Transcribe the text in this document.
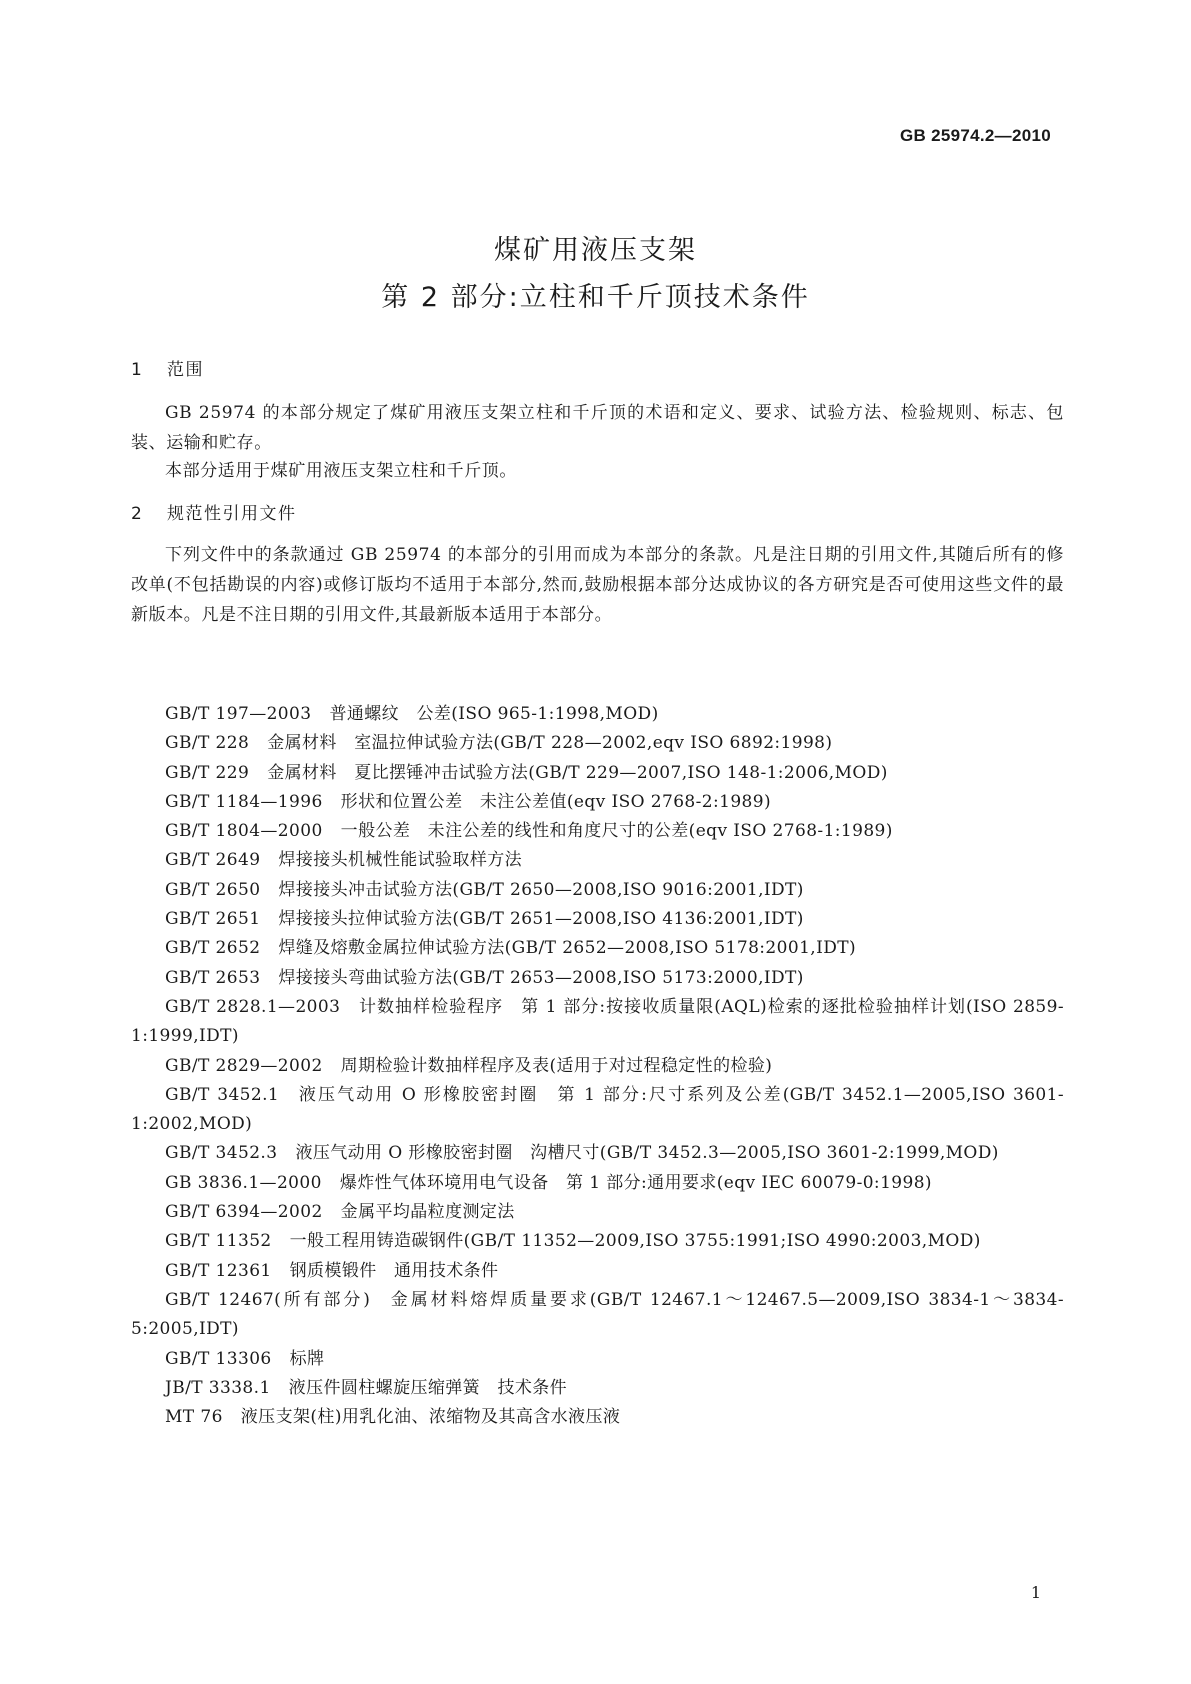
GB 25974.2—2010
煤矿用液压支架
第 2 部分:立柱和千斤顶技术条件
1 范围
GB 25974 的本部分规定了煤矿用液压支架立柱和千斤顶的术语和定义、要求、试验方法、检验规则、标志、包装、运输和贮存。
本部分适用于煤矿用液压支架立柱和千斤顶。
2 规范性引用文件
下列文件中的条款通过 GB 25974 的本部分的引用而成为本部分的条款。凡是注日期的引用文件,其随后所有的修改单(不包括勘误的内容)或修订版均不适用于本部分,然而,鼓励根据本部分达成协议的各方研究是否可使用这些文件的最新版本。凡是不注日期的引用文件,其最新版本适用于本部分。
GB/T 197—2003 普通螺纹　公差(ISO 965-1:1998,MOD)
GB/T 228 金属材料　室温拉伸试验方法(GB/T 228—2002,eqv ISO 6892:1998)
GB/T 229 金属材料　夏比摆锤冲击试验方法(GB/T 229—2007,ISO 148-1:2006,MOD)
GB/T 1184—1996 形状和位置公差　未注公差值(eqv ISO 2768-2:1989)
GB/T 1804—2000 一般公差　未注公差的线性和角度尺寸的公差(eqv ISO 2768-1:1989)
GB/T 2649 焊接接头机械性能试验取样方法
GB/T 2650 焊接接头冲击试验方法(GB/T 2650—2008,ISO 9016:2001,IDT)
GB/T 2651 焊接接头拉伸试验方法(GB/T 2651—2008,ISO 4136:2001,IDT)
GB/T 2652 焊缝及熔敷金属拉伸试验方法(GB/T 2652—2008,ISO 5178:2001,IDT)
GB/T 2653 焊接接头弯曲试验方法(GB/T 2653—2008,ISO 5173:2000,IDT)
GB/T 2828.1—2003 计数抽样检验程序　第 1 部分:按接收质量限(AQL)检索的逐批检验抽样计划(ISO 2859-1:1999,IDT)
GB/T 2829—2002 周期检验计数抽样程序及表(适用于对过程稳定性的检验)
GB/T 3452.1 液压气动用 O 形橡胶密封圈　第 1 部分:尺寸系列及公差(GB/T 3452.1—2005,ISO 3601-1:2002,MOD)
GB/T 3452.3 液压气动用 O 形橡胶密封圈　沟槽尺寸(GB/T 3452.3—2005,ISO 3601-2:1999,MOD)
GB 3836.1—2000 爆炸性气体环境用电气设备　第 1 部分:通用要求(eqv IEC 60079-0:1998)
GB/T 6394—2002 金属平均晶粒度测定法
GB/T 11352 一般工程用铸造碳钢件(GB/T 11352—2009,ISO 3755:1991;ISO 4990:2003,MOD)
GB/T 12361 钢质模锻件　通用技术条件
GB/T 12467(所有部分) 金属材料熔焊质量要求(GB/T 12467.1～12467.5—2009,ISO 3834-1～3834-5:2005,IDT)
GB/T 13306 标牌
JB/T 3338.1 液压件圆柱螺旋压缩弹簧　技术条件
MT 76 液压支架(柱)用乳化油、浓缩物及其高含水液压液
1
